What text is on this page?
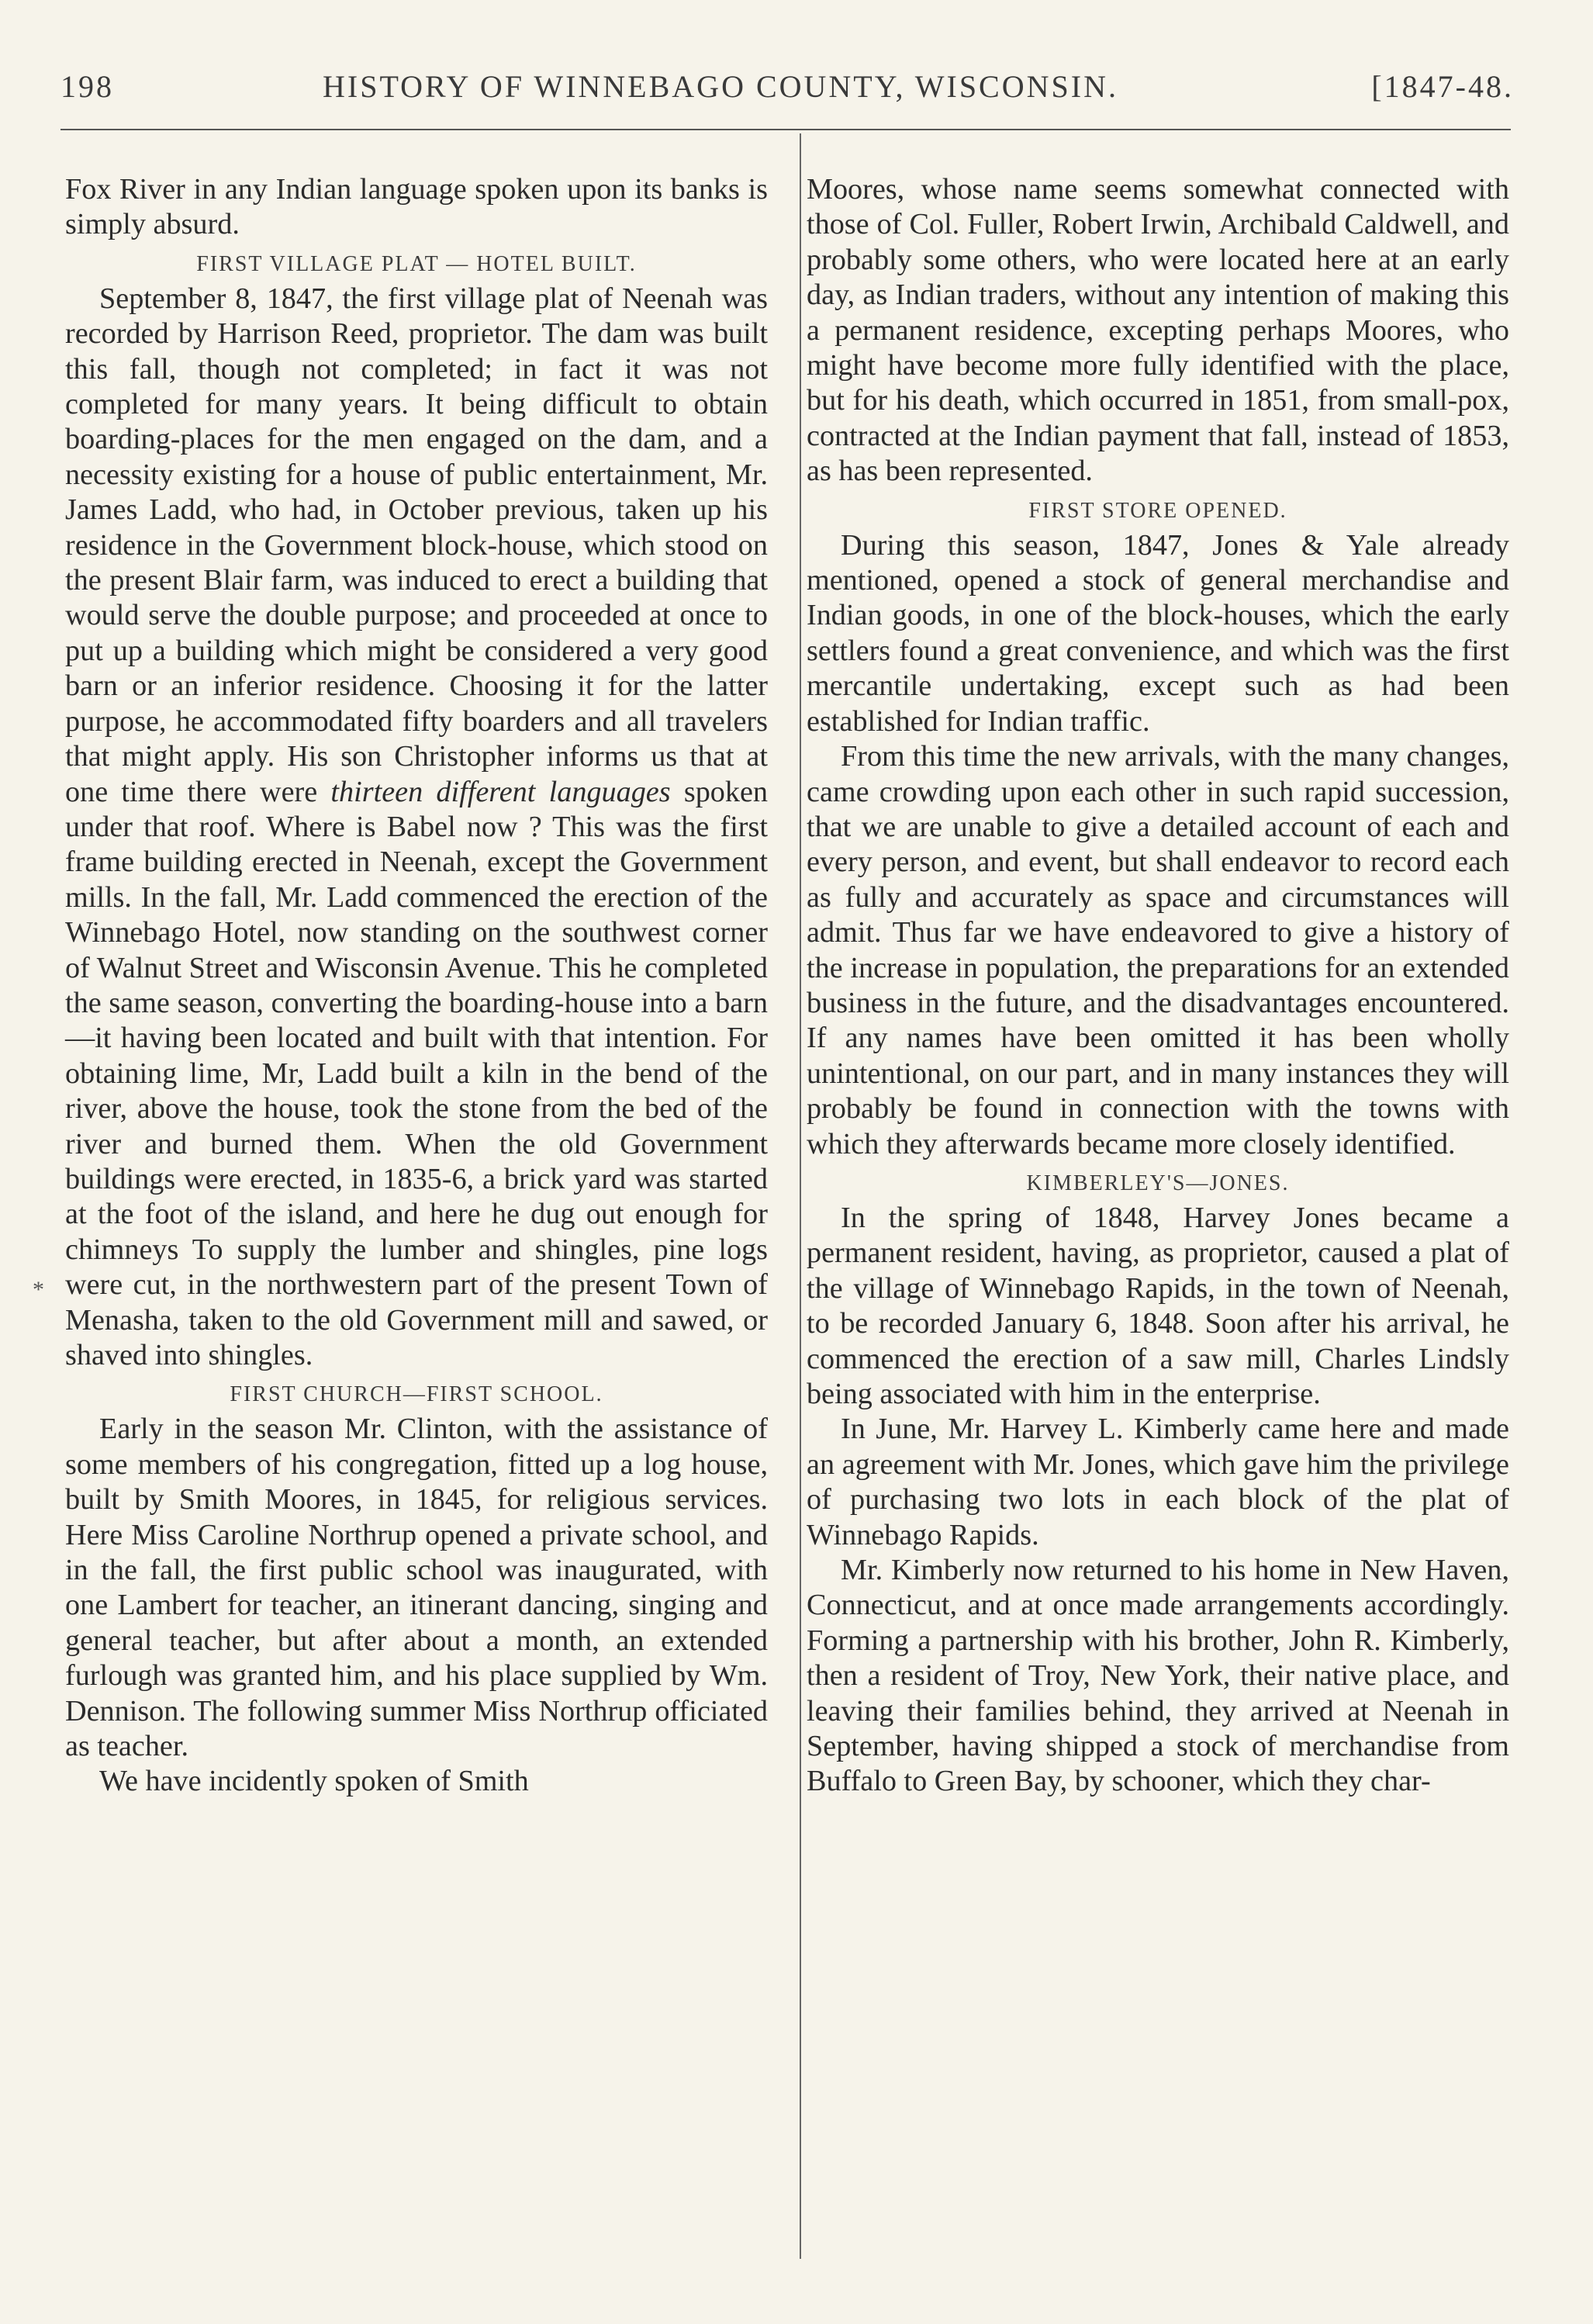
198	HISTORY OF WINNEBAGO COUNTY, WISCONSIN.	[1847-48.
*

Fox River in any Indian language spoken upon its banks is simply absurd.

FIRST VILLAGE PLAT — HOTEL BUILT.

September 8, 1847, the first village plat of Neenah was recorded by Harrison Reed, proprietor. The dam was built this fall, though not completed; in fact it was not completed for many years. It being difficult to obtain boarding-places for the men engaged on the dam, and a necessity existing for a house of public entertainment, Mr. James Ladd, who had, in October previous, taken up his residence in the Government block-house, which stood on the present Blair farm, was induced to erect a building that would serve the double purpose; and proceeded at once to put up a building which might be considered a very good barn or an inferior residence. Choosing it for the latter purpose, he accommodated fifty boarders and all travelers that might apply. His son Christopher informs us that at one time there were thirteen different languages spoken under that roof. Where is Babel now ? This was the first frame building erected in Neenah, except the Government mills. In the fall, Mr. Ladd commenced the erection of the Winnebago Hotel, now standing on the southwest corner of Walnut Street and Wisconsin Avenue. This he completed the same season, converting the boarding-house into a barn—it having been located and built with that intention. For obtaining lime, Mr, Ladd built a kiln in the bend of the river, above the house, took the stone from the bed of the river and burned them. When the old Government buildings were erected, in 1835-6, a brick yard was started at the foot of the island, and here he dug out enough for chimneys To supply the lumber and shingles, pine logs were cut, in the northwestern part of the present Town of Menasha, taken to the old Government mill and sawed, or shaved into shingles.

FIRST CHURCH—FIRST SCHOOL.

Early in the season Mr. Clinton, with the assistance of some members of his congregation, fitted up a log house, built by Smith Moores, in 1845, for religious services. Here Miss Caroline Northrup opened a private school, and in the fall, the first public school was inaugurated, with one Lambert for teacher, an itinerant dancing, singing and general teacher, but after about a month, an extended furlough was granted him, and his place supplied by Wm. Dennison. The following summer Miss Northrup officiated as teacher.

We have incidently spoken of Smith

Moores, whose name seems somewhat connected with those of Col. Fuller, Robert Irwin, Archibald Caldwell, and probably some others, who were located here at an early day, as Indian traders, without any intention of making this a permanent residence, excepting perhaps Moores, who might have become more fully identified with the place, but for his death, which occurred in 1851, from small-pox, contracted at the Indian payment that fall, instead of 1853, as has been represented.

FIRST STORE OPENED.

During this season, 1847, Jones & Yale already mentioned, opened a stock of general merchandise and Indian goods, in one of the block-houses, which the early settlers found a great convenience, and which was the first mercantile undertaking, except such as had been established for Indian traffic.

From this time the new arrivals, with the many changes, came crowding upon each other in such rapid succession, that we are unable to give a detailed account of each and every person, and event, but shall endeavor to record each as fully and accurately as space and circumstances will admit. Thus far we have endeavored to give a history of the increase in population, the preparations for an extended business in the future, and the disadvantages encountered. If any names have been omitted it has been wholly unintentional, on our part, and in many instances they will probably be found in connection with the towns with which they afterwards became more closely identified.

KIMBERLEY'S—JONES.

In the spring of 1848, Harvey Jones became a permanent resident, having, as proprietor, caused a plat of the village of Winnebago Rapids, in the town of Neenah, to be recorded January 6, 1848. Soon after his arrival, he commenced the erection of a saw mill, Charles Lindsly being associated with him in the enterprise.

In June, Mr. Harvey L. Kimberly came here and made an agreement with Mr. Jones, which gave him the privilege of purchasing two lots in each block of the plat of Winnebago Rapids.

Mr. Kimberly now returned to his home in New Haven, Connecticut, and at once made arrangements accordingly. Forming a partnership with his brother, John R. Kimberly, then a resident of Troy, New York, their native place, and leaving their families behind, they arrived at Neenah in September, having shipped a stock of merchandise from Buffalo to Green Bay, by schooner, which they char-
